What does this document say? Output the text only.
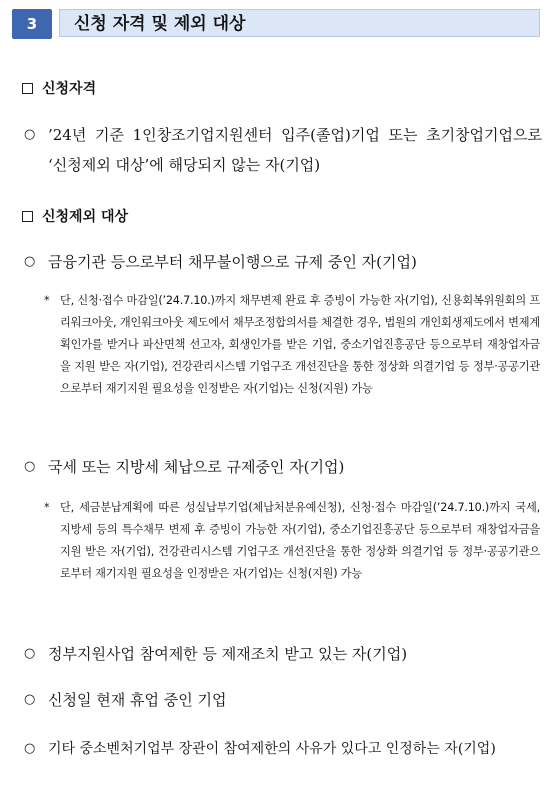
3	신청 자격 및 제외 대상
신청자격
○ ’24년 기준 1인창조기업지원센터 입주(졸업)기업 또는 초기창업기업으로 ‘신청제외 대상’에 해당되지 않는 자(기업)
신청제외 대상
○ 금융기관 등으로부터 채무불이행으로 규제 중인 자(기업)
* 단, 신청·접수 마감일(’24.7.10.)까지 채무변제 완료 후 증빙이 가능한 자(기업), 신용회복위원회의 프리워크아웃, 개인워크아웃 제도에서 채무조정합의서를 체결한 경우, 법원의 개인회생제도에서 변제계획인가를 받거나 파산면책 선고자, 회생인가를 받은 기업, 중소기업진흥공단 등으로부터 재창업자금을 지원 받은 자(기업), 건강관리시스템 기업구조 개선진단을 통한 정상화 의결기업 등 정부·공공기관으로부터 재기지원 필요성을 인정받은 자(기업)는 신청(지원) 가능
○ 국세 또는 지방세 체납으로 규제중인 자(기업)
* 단, 세금분납계획에 따른 성실납부기업(체납처분유예신청), 신청·접수 마감일(’24.7.10.)까지 국세, 지방세 등의 특수채무 변제 후 증빙이 가능한 자(기업), 중소기업진흥공단 등으로부터 재창업자금을 지원 받은 자(기업), 건강관리시스템 기업구조 개선진단을 통한 정상화 의결기업 등 정부·공공기관으로부터 재기지원 필요성을 인정받은 자(기업)는 신청(지원) 가능
○ 정부지원사업 참여제한 등 제재조치 받고 있는 자(기업)
○ 신청일 현재 휴업 중인 기업
○ 기타 중소벤처기업부 장관이 참여제한의 사유가 있다고 인정하는 자(기업)
